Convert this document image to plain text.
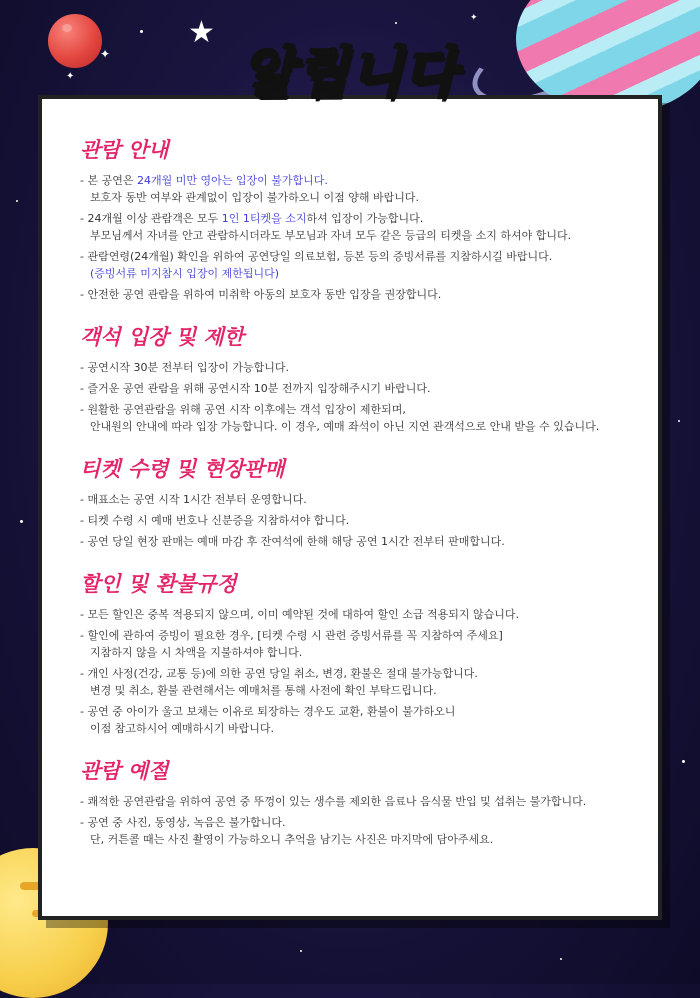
★
✦
✦
✦
알립니다
관람 안내
- 본 공연은 24개월 미만 영아는 입장이 불가합니다.
보호자 동반 여부와 관계없이 입장이 불가하오니 이점 양해 바랍니다.
- 24개월 이상 관람객은 모두 1인 1티켓을 소지하셔 입장이 가능합니다.
부모님께서 자녀를 안고 관람하시더라도 부모님과 자녀 모두 같은 등급의 티켓을 소지 하셔야 합니다.
- 관람연령(24개월) 확인을 위하여 공연당일 의료보험, 등본 등의 증빙서류를 지참하시길 바랍니다.
(증빙서류 미지참시 입장이 제한됩니다)
- 안전한 공연 관람을 위하여 미취학 아동의 보호자 동반 입장을 권장합니다.
객석 입장 및 제한
- 공연시작 30분 전부터 입장이 가능합니다.
- 즐거운 공연 관람을 위해 공연시작 10분 전까지 입장해주시기 바랍니다.
- 원활한 공연관람을 위해 공연 시작 이후에는 객석 입장이 제한되며,
안내원의 안내에 따라 입장 가능합니다. 이 경우, 예매 좌석이 아닌 지연 관객석으로 안내 받을 수 있습니다.
티켓 수령 및 현장판매
- 매표소는 공연 시작 1시간 전부터 운영합니다.
- 티켓 수령 시 예매 번호나 신분증을 지참하셔야 합니다.
- 공연 당일 현장 판매는 예매 마감 후 잔여석에 한해 해당 공연 1시간 전부터 판매합니다.
할인 및 환불규정
- 모든 할인은 중복 적용되지 않으며, 이미 예약된 것에 대하여 할인 소급 적용되지 않습니다.
- 할인에 관하여 증빙이 필요한 경우, [티켓 수령 시 관련 증빙서류를 꼭 지참하여 주세요]
지참하지 않을 시 차액을 지불하셔야 합니다.
- 개인 사정(건강, 교통 등)에 의한 공연 당일 취소, 변경, 환불은 절대 불가능합니다.
변경 및 취소, 환불 관련해서는 예매처를 통해 사전에 확인 부탁드립니다.
- 공연 중 아이가 울고 보채는 이유로 퇴장하는 경우도 교환, 환불이 불가하오니
이점 참고하시어 예매하시기 바랍니다.
관람 예절
- 쾌적한 공연관람을 위하여 공연 중 뚜껑이 있는 생수를 제외한 음료나 음식물 반입 및 섭취는 불가합니다.
- 공연 중 사진, 동영상, 녹음은 불가합니다.
단, 커튼콜 때는 사진 촬영이 가능하오니 추억을 남기는 사진은 마지막에 담아주세요.
